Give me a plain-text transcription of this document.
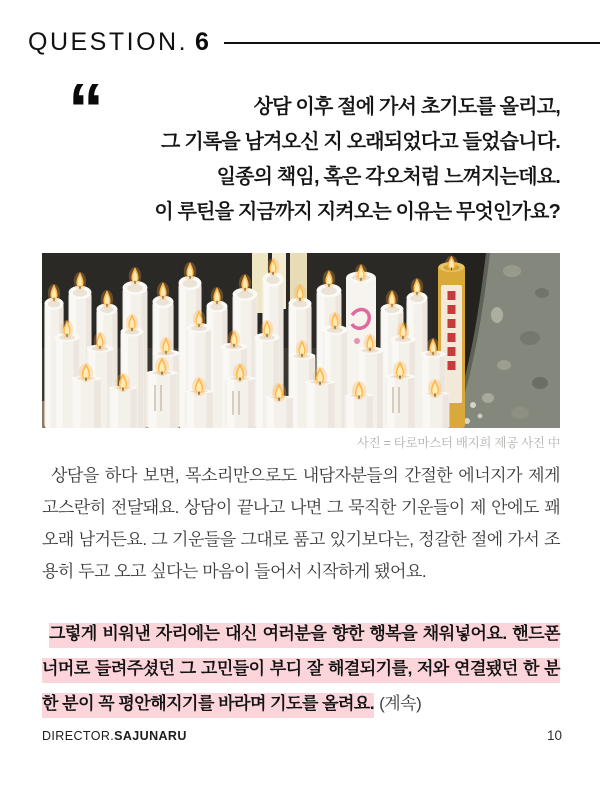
QUESTION. 6
“	상담 이후 절에 가서 초기도를 올리고,
그 기록을 남겨오신 지 오래되었다고 들었습니다.
일종의 책임, 혹은 각오처럼 느껴지는데요.
이 루틴을 지금까지 지켜오는 이유는 무엇인가요?
사진 = 타로마스터 배지희 제공 사진 中

상담을 하다 보면, 목소리만으로도 내담자분들의 간절한 에너지가 제게 고스란히 전달돼요. 상담이 끝나고 나면 그 묵직한 기운들이 제 안에도 꽤 오래 남거든요. 그 기운들을 그대로 품고 있기보다는, 정갈한 절에 가서 조용히 두고 오고 싶다는 마음이 들어서 시작하게 됐어요.

그렇게 비워낸 자리에는 대신 여러분을 향한 행복을 채워넣어요. 핸드폰 너머로 들려주셨던 그 고민들이 부디 잘 해결되기를, 저와 연결됐던 한 분 한 분이 꼭 평안해지기를 바라며 기도를 올려요. (계속)

DIRECTOR.SAJUNARU	10
